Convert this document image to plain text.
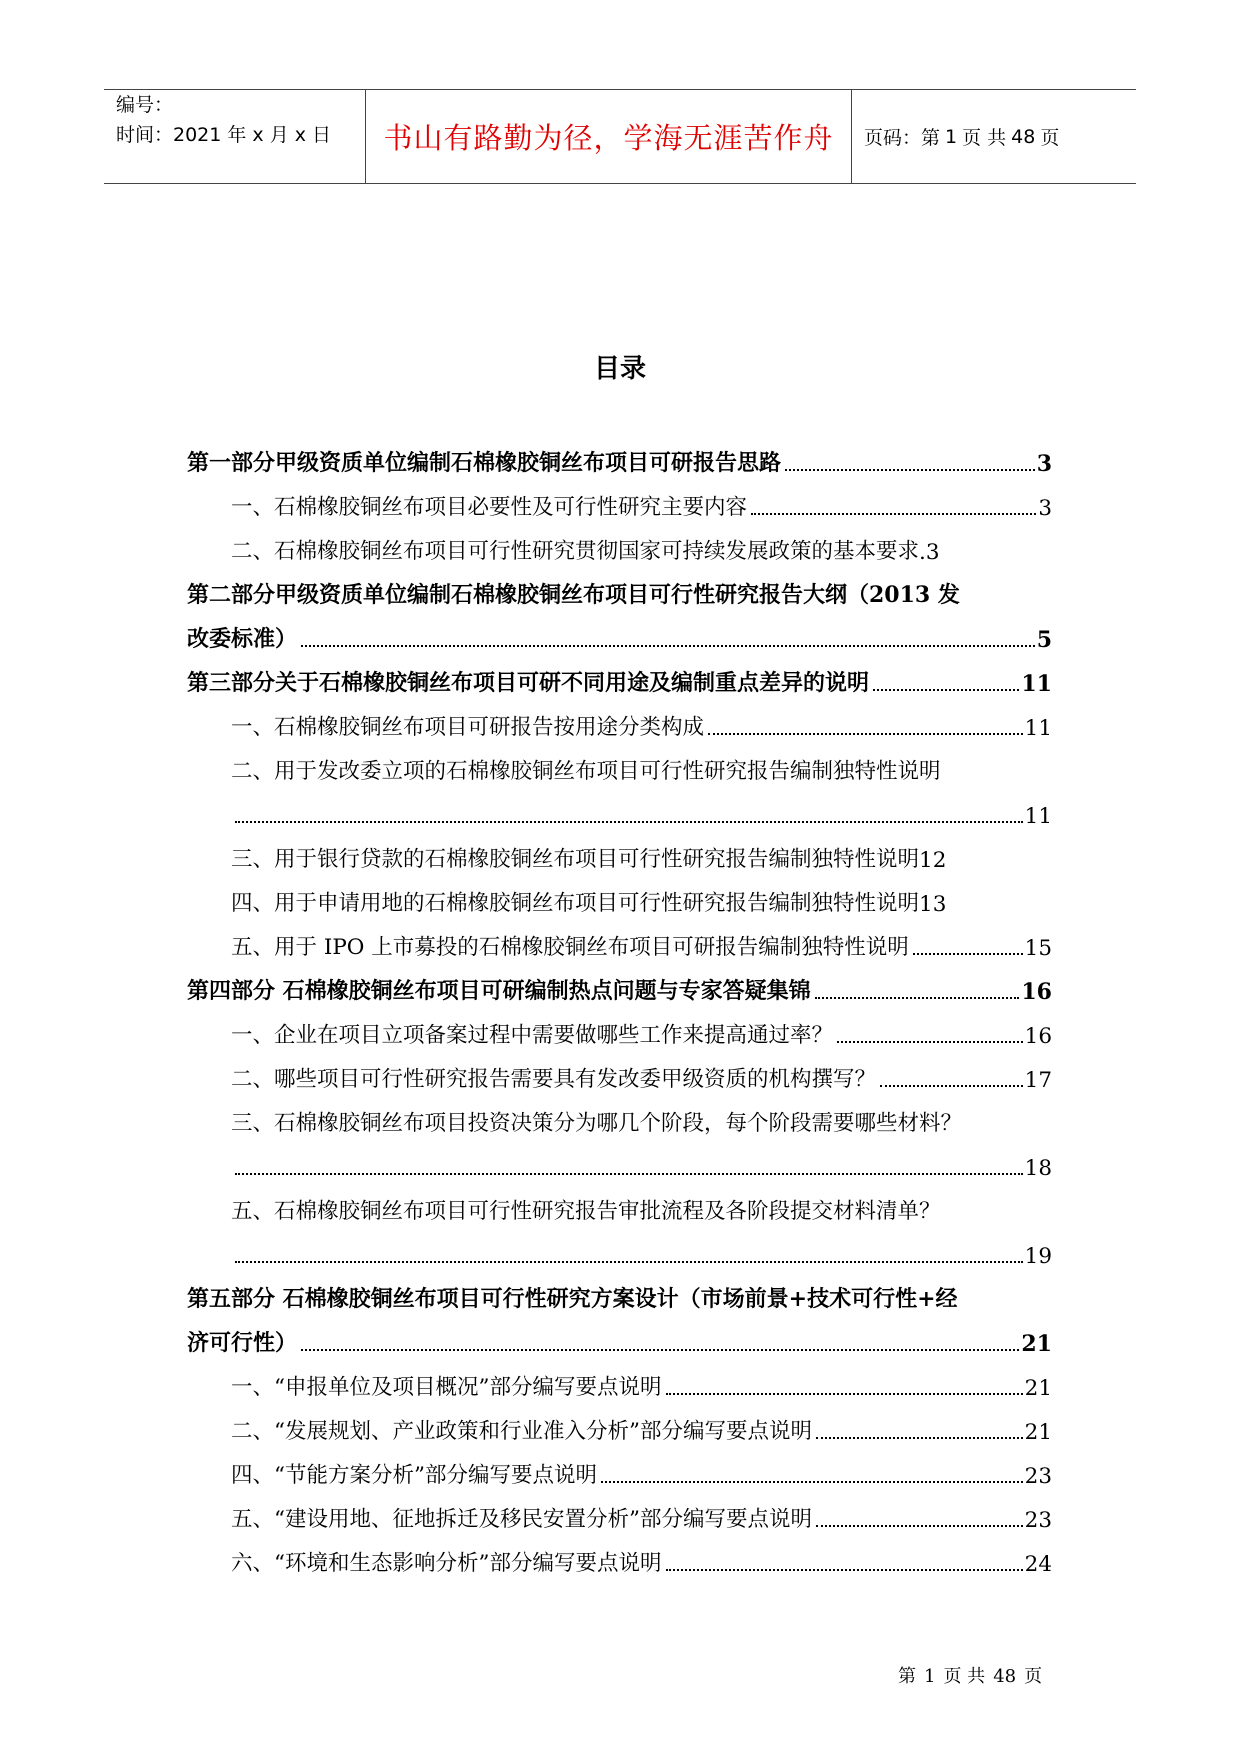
编号：
时间：2021 年 x 月 x 日	书山有路勤为径，学海无涯苦作舟 页码：第 1 页 共 48 页
目录
第一部分甲级资质单位编制石棉橡胶铜丝布项目可研报告思路	3
一、石棉橡胶铜丝布项目必要性及可行性研究主要内容	3
二、石棉橡胶铜丝布项目可行性研究贯彻国家可持续发展政策的基本要求 .3
第二部分甲级资质单位编制石棉橡胶铜丝布项目可行性研究报告大纲（2013 发
改委标准）	5
第三部分关于石棉橡胶铜丝布项目可研不同用途及编制重点差异的说明	11
一、石棉橡胶铜丝布项目可研报告按用途分类构成	11
二、用于发改委立项的石棉橡胶铜丝布项目可行性研究报告编制独特性说明
11
三、用于银行贷款的石棉橡胶铜丝布项目可行性研究报告编制独特性说明 12
四、用于申请用地的石棉橡胶铜丝布项目可行性研究报告编制独特性说明 13
五、用于 IPO 上市募投的石棉橡胶铜丝布项目可研报告编制独特性说明	15
第四部分 石棉橡胶铜丝布项目可研编制热点问题与专家答疑集锦	16
一、企业在项目立项备案过程中需要做哪些工作来提高通过率？	16
二、哪些项目可行性研究报告需要具有发改委甲级资质的机构撰写？	17
三、石棉橡胶铜丝布项目投资决策分为哪几个阶段，每个阶段需要哪些材料？
18
五、石棉橡胶铜丝布项目可行性研究报告审批流程及各阶段提交材料清单？
19
第五部分 石棉橡胶铜丝布项目可行性研究方案设计（市场前景+技术可行性+经
济可行性）	21
一、“申报单位及项目概况”部分编写要点说明	21
二、“发展规划、产业政策和行业准入分析”部分编写要点说明	21
四、“节能方案分析”部分编写要点说明	23
五、“建设用地、征地拆迁及移民安置分析”部分编写要点说明	23
六、“环境和生态影响分析”部分编写要点说明	24
第 1 页 共 48 页
